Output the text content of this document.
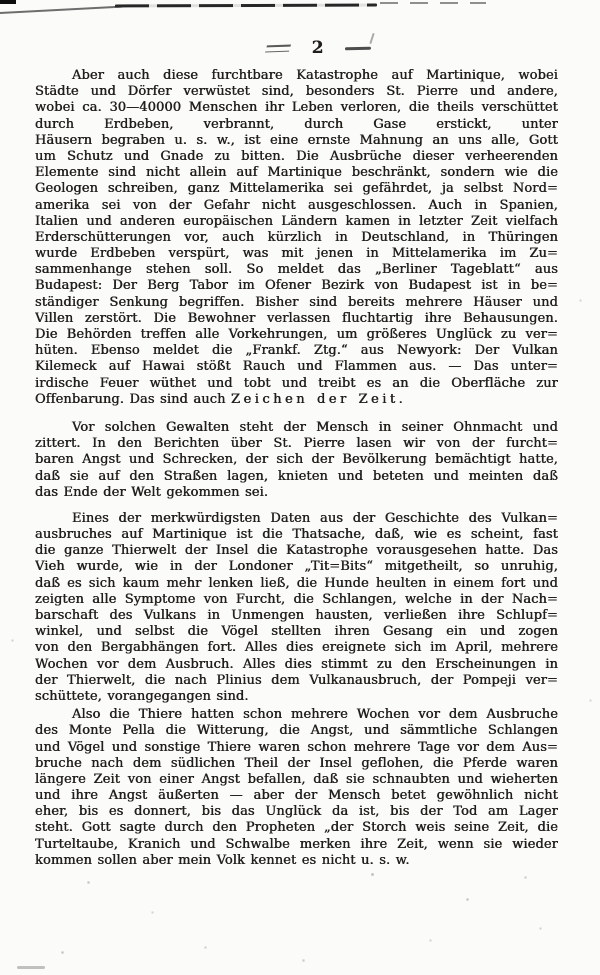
2
Aber auch diese furchtbare Katastrophe auf Martinique, wobei
Städte und Dörfer verwüstet sind, besonders St. Pierre und andere,
wobei ca. 30—40000 Menschen ihr Leben verloren, die theils verschüttet
durch Erdbeben, verbrannt, durch Gase erstickt, unter
Häusern begraben u. s. w., ist eine ernste Mahnung an uns alle, Gott
um Schutz und Gnade zu bitten. Die Ausbrüche dieser verheerenden
Elemente sind nicht allein auf Martinique beschränkt, sondern wie die
Geologen schreiben, ganz Mittelamerika sei gefährdet, ja selbst Nord=
amerika sei von der Gefahr nicht ausgeschlossen. Auch in Spanien,
Italien und anderen europäischen Ländern kamen in letzter Zeit vielfach
Erderschütterungen vor, auch kürzlich in Deutschland, in Thüringen
wurde Erdbeben verspürt, was mit jenen in Mittelamerika im Zu=
sammenhange stehen soll. So meldet das „Berliner Tageblatt“ aus
Budapest: Der Berg Tabor im Ofener Bezirk von Budapest ist in be=
ständiger Senkung begriffen. Bisher sind bereits mehrere Häuser und
Villen zerstört. Die Bewohner verlassen fluchtartig ihre Behausungen.
Die Behörden treffen alle Vorkehrungen, um größeres Unglück zu ver=
hüten. Ebenso meldet die „Frankf. Ztg.“ aus Newyork: Der Vulkan
Kilemeck auf Hawai stößt Rauch und Flammen aus. — Das unter=
irdische Feuer wüthet und tobt und treibt es an die Oberfläche zur
Offenbarung. Das sind auch Zeichen der Zeit.
Vor solchen Gewalten steht der Mensch in seiner Ohnmacht und
zittert. In den Berichten über St. Pierre lasen wir von der furcht=
baren Angst und Schrecken, der sich der Bevölkerung bemächtigt hatte,
daß sie auf den Straßen lagen, knieten und beteten und meinten daß
das Ende der Welt gekommen sei.
Eines der merkwürdigsten Daten aus der Geschichte des Vulkan=
ausbruches auf Martinique ist die Thatsache, daß, wie es scheint, fast
die ganze Thierwelt der Insel die Katastrophe vorausgesehen hatte. Das
Vieh wurde, wie in der Londoner „Tit=Bits“ mitgetheilt, so unruhig,
daß es sich kaum mehr lenken ließ, die Hunde heulten in einem fort und
zeigten alle Symptome von Furcht, die Schlangen, welche in der Nach=
barschaft des Vulkans in Unmengen hausten, verließen ihre Schlupf=
winkel, und selbst die Vögel stellten ihren Gesang ein und zogen
von den Bergabhängen fort. Alles dies ereignete sich im April, mehrere
Wochen vor dem Ausbruch. Alles dies stimmt zu den Erscheinungen in
der Thierwelt, die nach Plinius dem Vulkanausbruch, der Pompeji ver=
schüttete, vorangegangen sind.
Also die Thiere hatten schon mehrere Wochen vor dem Ausbruche
des Monte Pella die Witterung, die Angst, und sämmtliche Schlangen
und Vögel und sonstige Thiere waren schon mehrere Tage vor dem Aus=
bruche nach dem südlichen Theil der Insel geflohen, die Pferde waren
längere Zeit von einer Angst befallen, daß sie schnaubten und wieherten
und ihre Angst äußerten — aber der Mensch betet gewöhnlich nicht
eher, bis es donnert, bis das Unglück da ist, bis der Tod am Lager
steht. Gott sagte durch den Propheten „der Storch weis seine Zeit, die
Turteltaube, Kranich und Schwalbe merken ihre Zeit, wenn sie wieder
kommen sollen aber mein Volk kennet es nicht u. s. w.
